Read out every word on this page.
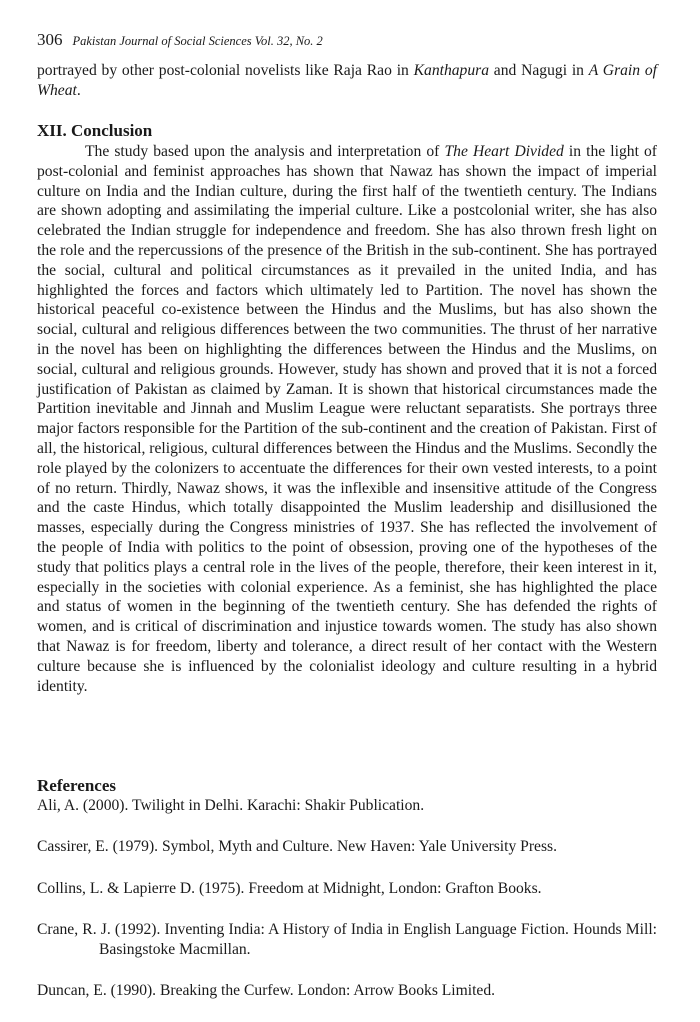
306 Pakistan Journal of Social Sciences Vol. 32, No. 2
portrayed by other post-colonial novelists like Raja Rao in Kanthapura and Nagugi in A Grain of Wheat.
XII. Conclusion
The study based upon the analysis and interpretation of The Heart Divided in the light of post-colonial and feminist approaches has shown that Nawaz has shown the impact of imperial culture on India and the Indian culture, during the first half of the twentieth century. The Indians are shown adopting and assimilating the imperial culture. Like a postcolonial writer, she has also celebrated the Indian struggle for independence and freedom. She has also thrown fresh light on the role and the repercussions of the presence of the British in the sub-continent. She has portrayed the social, cultural and political circumstances as it prevailed in the united India, and has highlighted the forces and factors which ultimately led to Partition. The novel has shown the historical peaceful co-existence between the Hindus and the Muslims, but has also shown the social, cultural and religious differences between the two communities. The thrust of her narrative in the novel has been on highlighting the differences between the Hindus and the Muslims, on social, cultural and religious grounds. However, study has shown and proved that it is not a forced justification of Pakistan as claimed by Zaman. It is shown that historical circumstances made the Partition inevitable and Jinnah and Muslim League were reluctant separatists. She portrays three major factors responsible for the Partition of the sub-continent and the creation of Pakistan. First of all, the historical, religious, cultural differences between the Hindus and the Muslims. Secondly the role played by the colonizers to accentuate the differences for their own vested interests, to a point of no return. Thirdly, Nawaz shows, it was the inflexible and insensitive attitude of the Congress and the caste Hindus, which totally disappointed the Muslim leadership and disillusioned the masses, especially during the Congress ministries of 1937. She has reflected the involvement of the people of India with politics to the point of obsession, proving one of the hypotheses of the study that politics plays a central role in the lives of the people, therefore, their keen interest in it, especially in the societies with colonial experience. As a feminist, she has highlighted the place and status of women in the beginning of the twentieth century. She has defended the rights of women, and is critical of discrimination and injustice towards women. The study has also shown that Nawaz is for freedom, liberty and tolerance, a direct result of her contact with the Western culture because she is influenced by the colonialist ideology and culture resulting in a hybrid identity.
References

Ali, A. (2000). Twilight in Delhi. Karachi: Shakir Publication.

Cassirer, E. (1979). Symbol, Myth and Culture. New Haven: Yale University Press.

Collins, L. & Lapierre D. (1975). Freedom at Midnight, London: Grafton Books.

Crane, R. J. (1992). Inventing India: A History of India in English Language Fiction. Hounds Mill: Basingstoke Macmillan.

Duncan, E. (1990). Breaking the Curfew. London: Arrow Books Limited.
